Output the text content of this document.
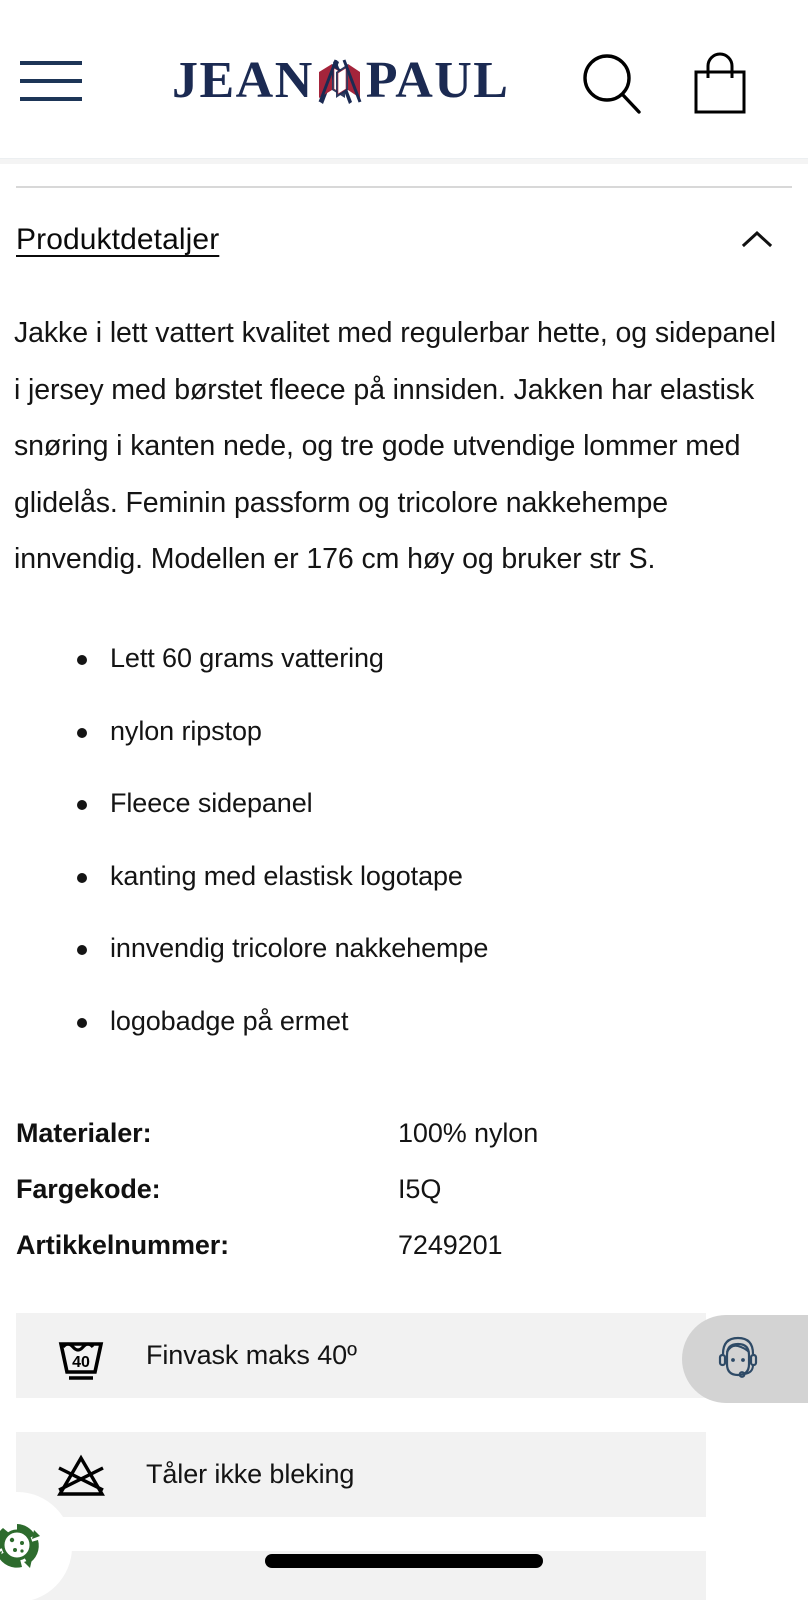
JEAN PAUL
Produktdetaljer

Jakke i lett vattert kvalitet med regulerbar hette, og sidepanel i jersey med børstet fleece på innsiden. Jakken har elastisk snøring i kanten nede, og tre gode utvendige lommer med glidelås. Feminin passform og tricolore nakkehempe innvendig. Modellen er 176 cm høy og bruker str S.

Lett 60 grams vattering
nylon ripstop
Fleece sidepanel
kanting med elastisk logotape
innvendig tricolore nakkehempe
logobadge på ermet
Materialer:	100% nylon
Fargekode:	I5Q
Artikkelnummer:	7249201
40 Finvask maks 40º
Tåler ikke bleking
